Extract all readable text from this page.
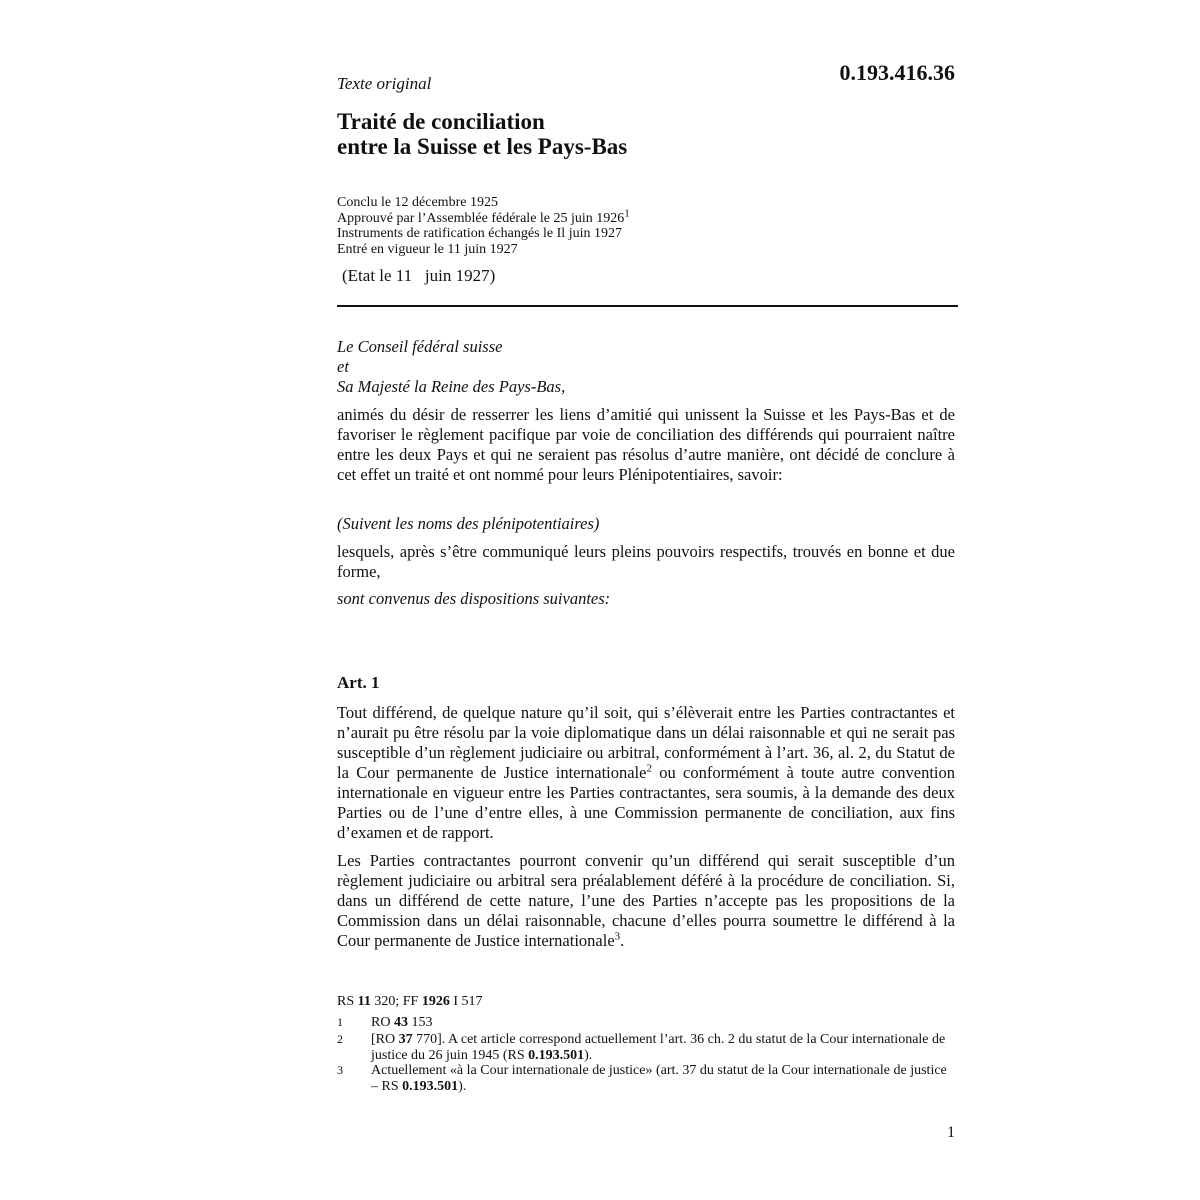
Texte original	0.193.416.36
Traité de conciliation
entre la Suisse et les Pays-Bas
Conclu le 12 décembre 1925
Approuvé par l’Assemblée fédérale le 25 juin 1926$^1$
Instruments de ratification échangés le Il juin 1927
Entré en vigueur le 11 juin 1927
(Etat le 11   juin 1927)
Le Conseil fédéral suisse
et
Sa Majesté la Reine des Pays-Bas,
animés du désir de resserrer les liens d’amitié qui unissent la Suisse et les Pays-Bas et de favoriser le règlement pacifique par voie de conciliation des différends qui pourraient naître entre les deux Pays et qui ne seraient pas résolus d’autre manière, ont décidé de conclure à cet effet un traité et ont nommé pour leurs Plénipotentiaires, savoir:
(Suivent les noms des plénipotentiaires)
lesquels, après s’être communiqué leurs pleins pouvoirs respectifs, trouvés en bonne et due forme,
sont convenus des dispositions suivantes:
Art. 1
Tout différend, de quelque nature qu’il soit, qui s’élèverait entre les Parties contractantes et n’aurait pu être résolu par la voie diplomatique dans un délai raisonnable et qui ne serait pas susceptible d’un règlement judiciaire ou arbitral, conformément à l’art. 36, al. 2, du Statut de la Cour permanente de Justice internationale$^2$ ou conformément à toute autre convention internationale en vigueur entre les Parties contractantes, sera soumis, à la demande des deux Parties ou de l’une d’entre elles, à une Commission permanente de conciliation, aux fins d’examen et de rapport.
Les Parties contractantes pourront convenir qu’un différend qui serait susceptible d’un règlement judiciaire ou arbitral sera préalablement déféré à la procédure de conciliation. Si, dans un différend de cette nature, l’une des Parties n’accepte pas les propositions de la Commission dans un délai raisonnable, chacune d’elles pourra soumettre le différend à la Cour permanente de Justice internationale$^3$.
RS 11 320; FF 1926 I 517
1 RO 43 153
2 [RO 37 770]. A cet article correspond actuellement l’art. 36 ch. 2 du statut de la Cour internationale de justice du 26 juin 1945 (RS 0.193.501).
3 Actuellement «à la Cour internationale de justice» (art. 37 du statut de la Cour internationale de justice – RS 0.193.501).
1
